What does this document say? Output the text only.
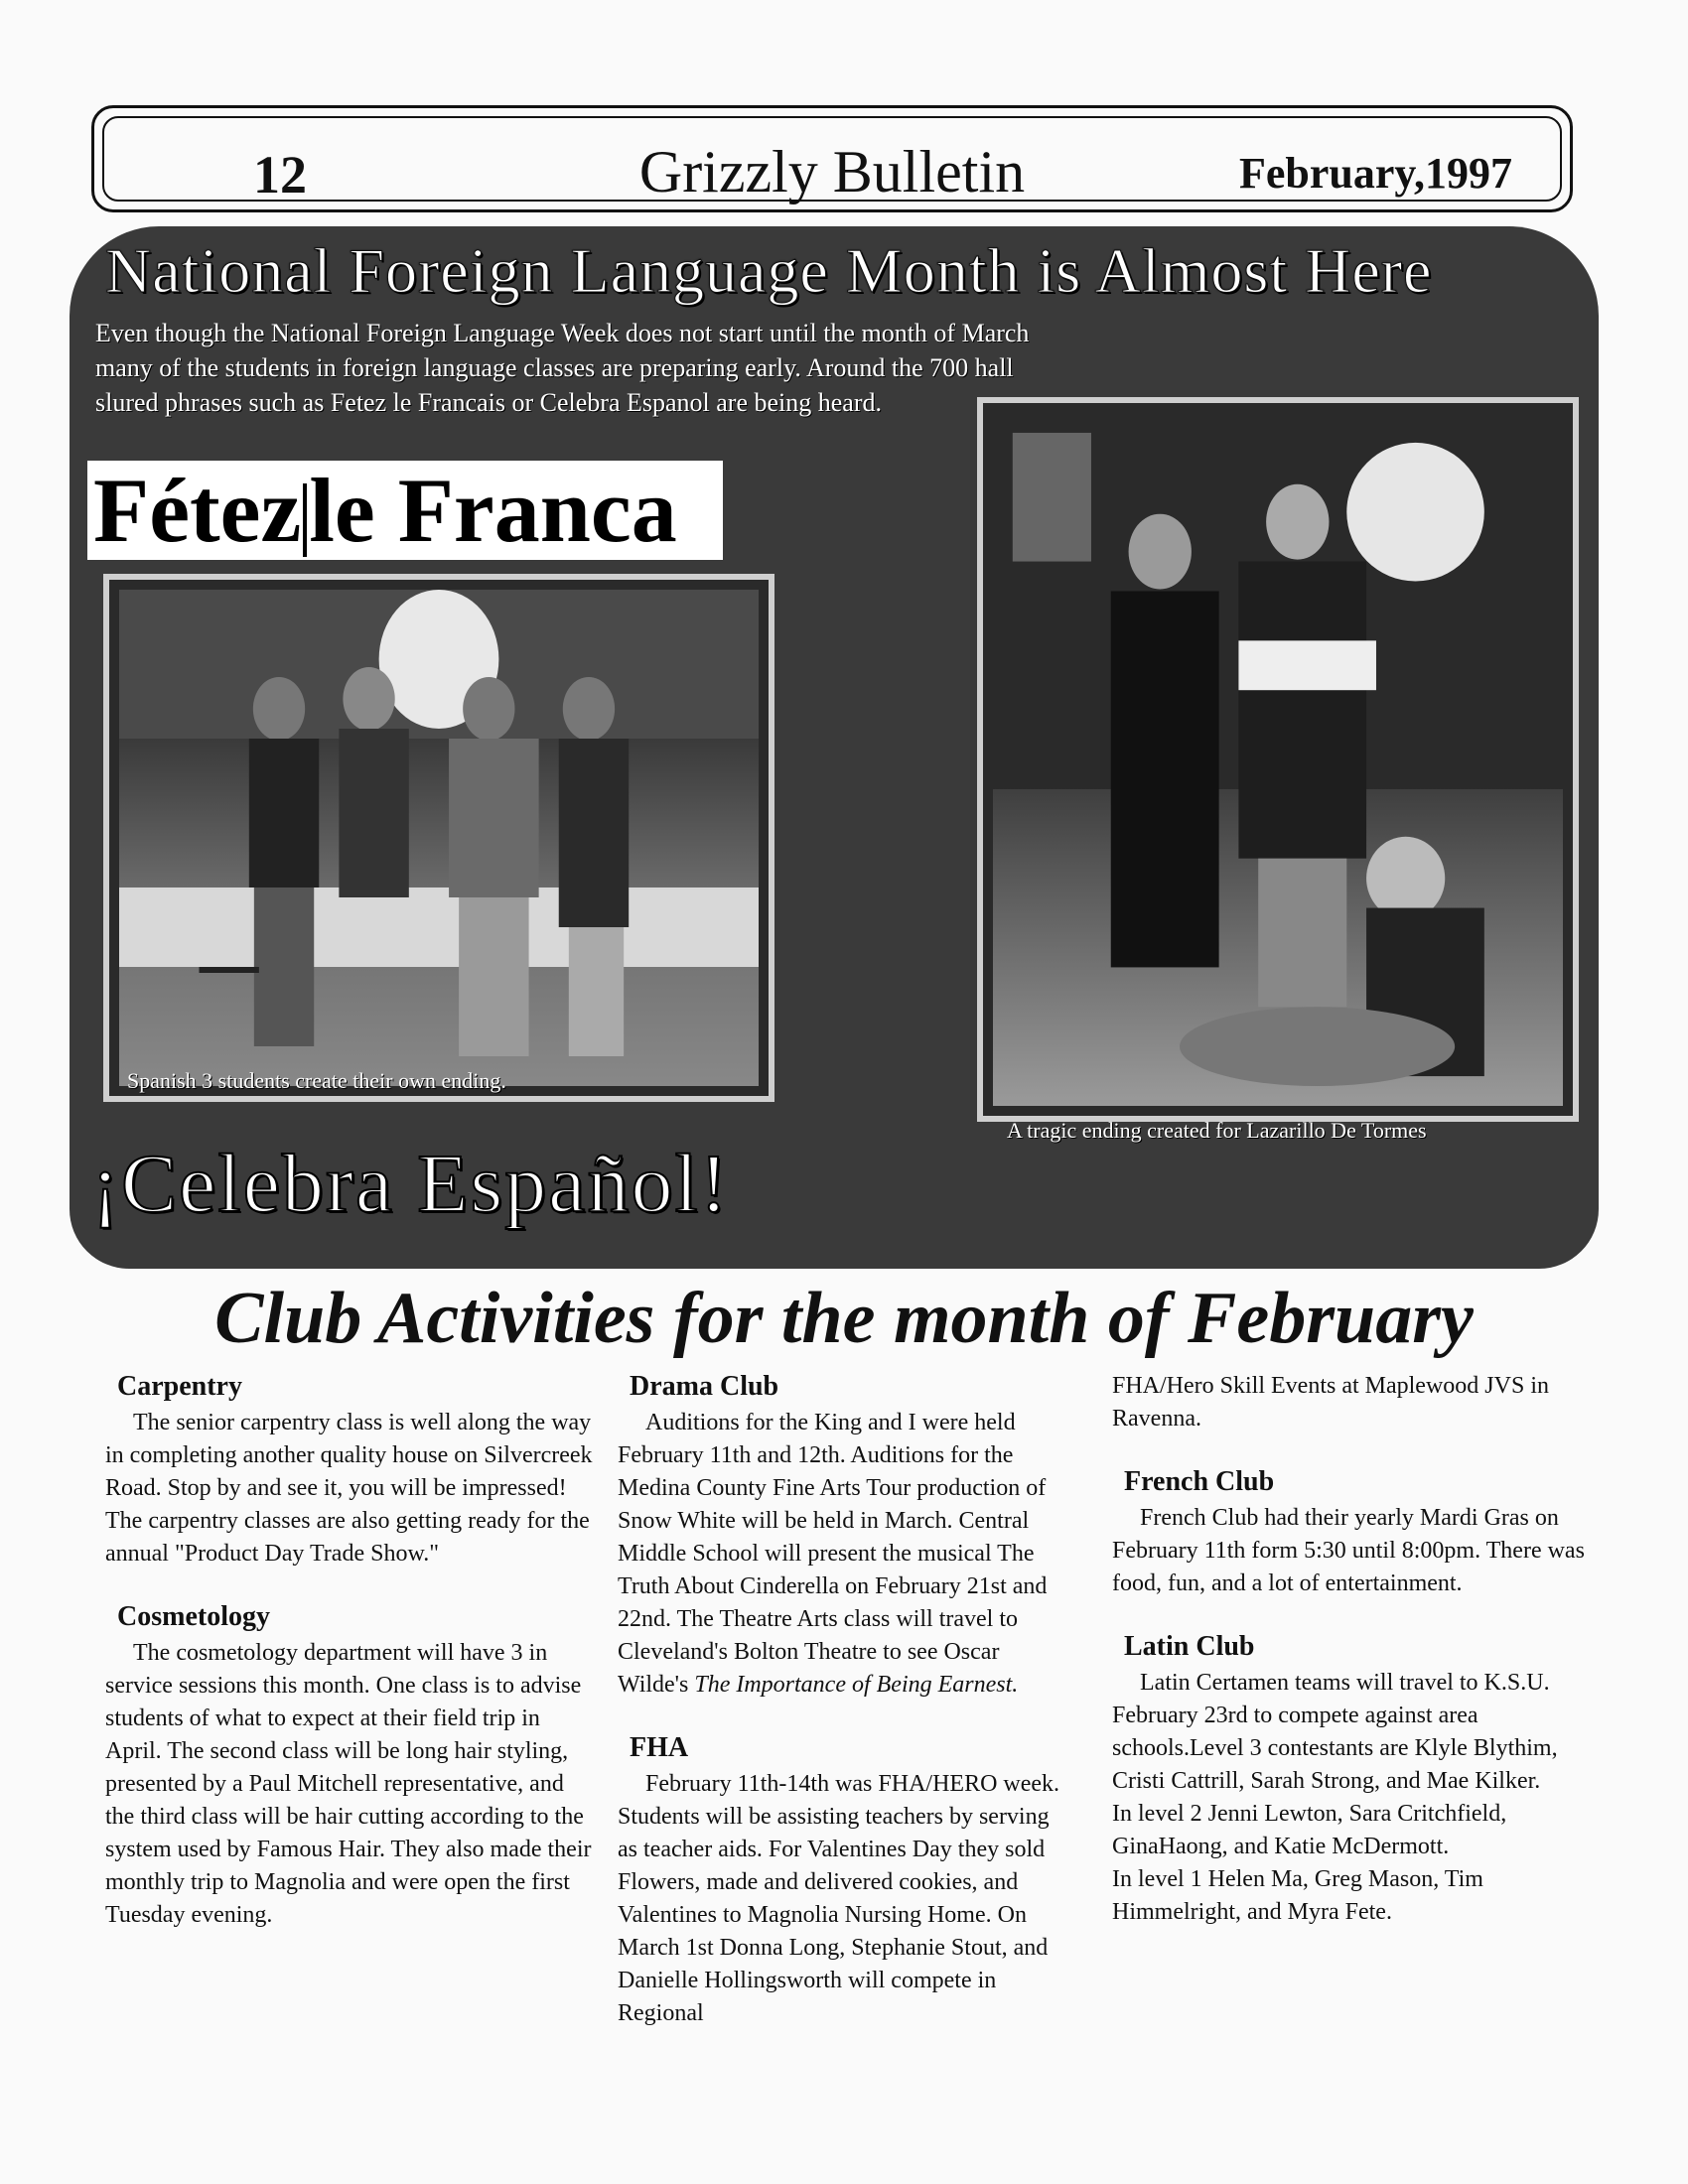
12	Grizzly Bulletin	February,1997
National Foreign Language Month is Almost Here
Even though the National Foreign Language Week does not start until the month of March many of the students in foreign language classes are preparing early. Around the 700 hall slured phrases such as Fetez le Francais or Celebra Espanol are being heard.
Fétezle Franca
Spanish 3 students create their own ending.
A tragic ending created for Lazarillo De Tormes
¡Celebra Español!
Club Activities for the month of February
Carpentry

The senior carpentry class is well along the way in completing another quality house on Silvercreek Road. Stop by and see it, you will be impressed!

The carpentry classes are also getting ready for the annual "Product Day Trade Show."

Cosmetology

The cosmetology department will have 3 in service sessions this month. One class is to advise students of what to expect at their field trip in April. The second class will be long hair styling, presented by a Paul Mitchell representative, and the third class will be hair cutting according to the system used by Famous Hair. They also made their monthly trip to Magnolia and were open the first Tuesday evening.

Drama Club

Auditions for the King and I were held February 11th and 12th. Auditions for the Medina County Fine Arts Tour production of Snow White will be held in March. Central Middle School will present the musical The Truth About Cinderella on February 21st and 22nd. The Theatre Arts class will travel to Cleveland's Bolton Theatre to see Oscar Wilde's The Importance of Being Earnest.

FHA

February 11th-14th was FHA/HERO week. Students will be assisting teachers by serving as teacher aids. For Valentines Day they sold Flowers, made and delivered cookies, and Valentines to Magnolia Nursing Home. On March 1st Donna Long, Stephanie Stout, and Danielle Hollingsworth will compete in Regional

FHA/Hero Skill Events at Maplewood JVS in Ravenna.

French Club

French Club had their yearly Mardi Gras on February 11th form 5:30 until 8:00pm. There was food, fun, and a lot of entertainment.

Latin Club

Latin Certamen teams will travel to K.S.U. February 23rd to compete against area schools.Level 3 contestants are Klyle Blythim, Cristi Cattrill, Sarah Strong, and Mae Kilker.

In level 2 Jenni Lewton, Sara Critchfield, GinaHaong, and Katie McDermott.

In level 1 Helen Ma, Greg Mason, Tim Himmelright, and Myra Fete.
